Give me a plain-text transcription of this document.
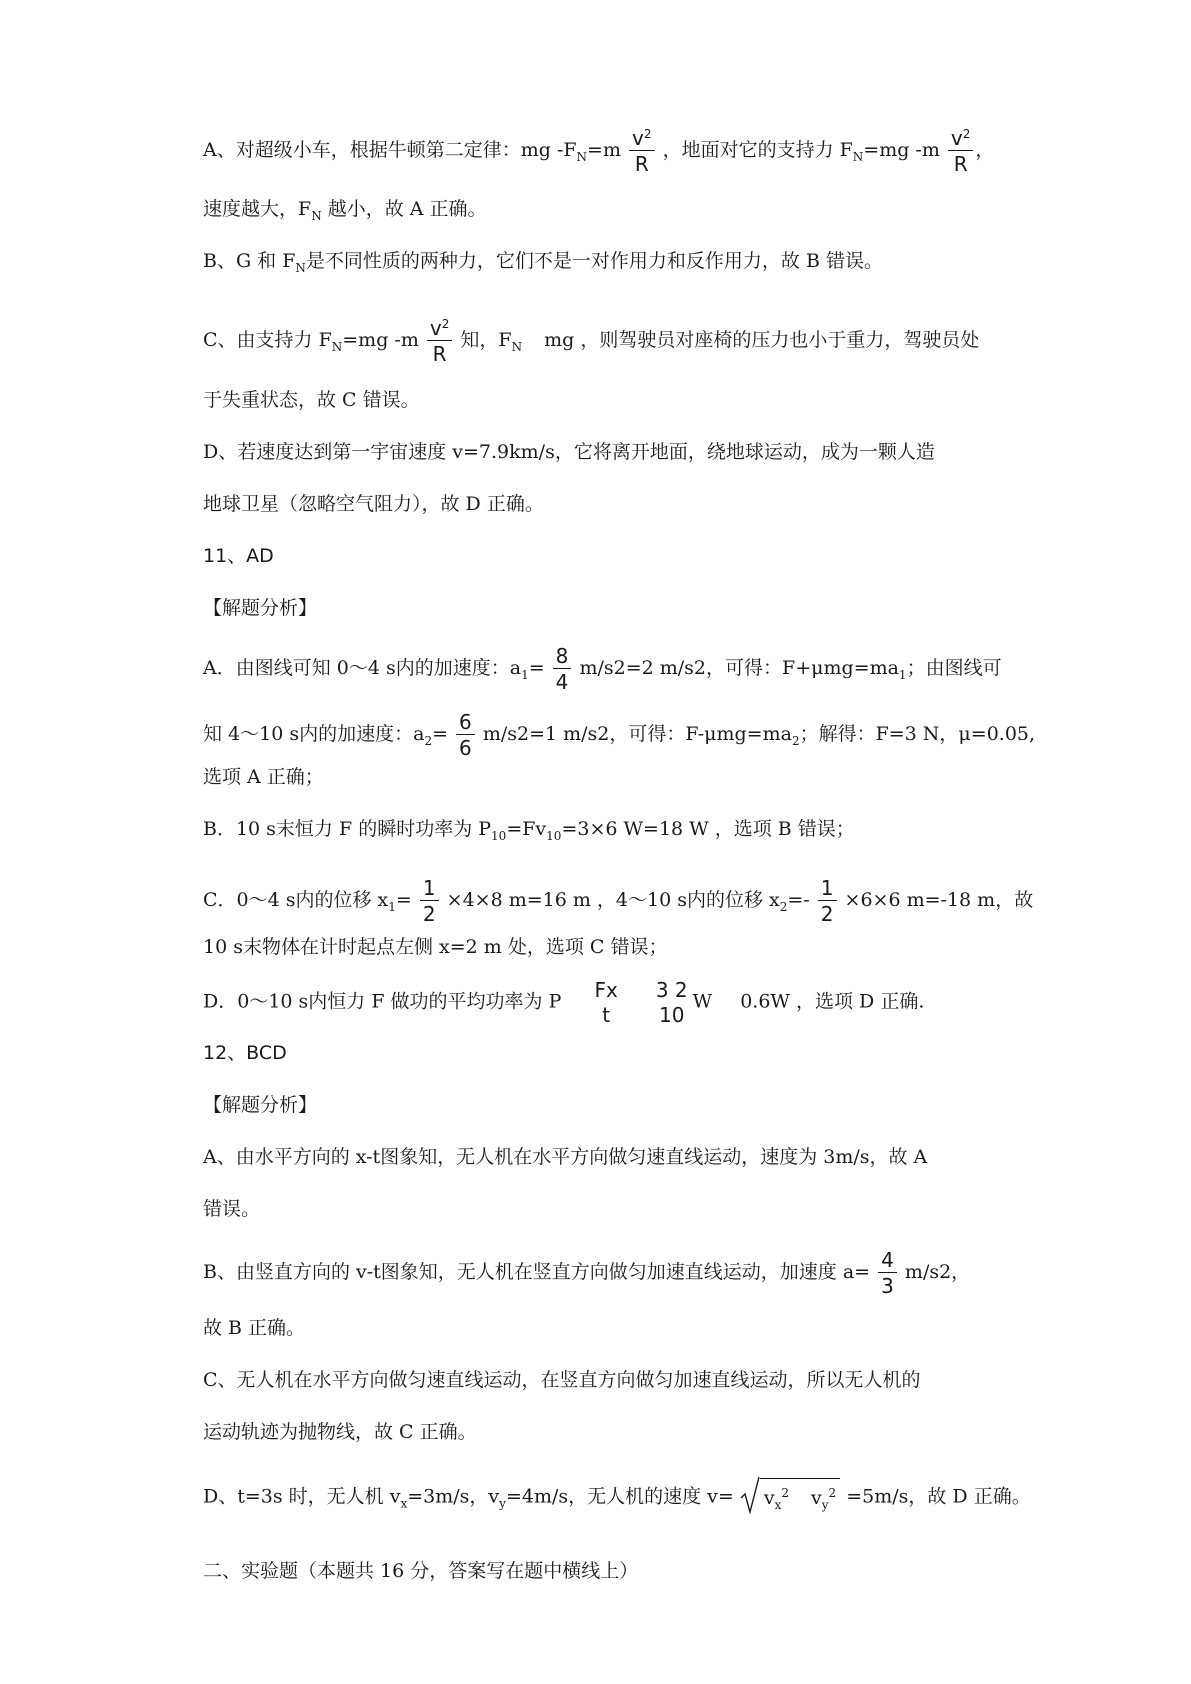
A、对超级小车，根据牛顿第二定律：mg $-F_N=m \frac{v^2}{R}$ ，地面对它的支持力 $F_N=mg$ $-m \frac{v^2}{R}$ ，
速度越大，$F_N$ 越小，故 A 正确。
B、G 和 $F_N$是不同性质的两种力，它们不是一对作用力和反作用力，故 B 错误。
C、由支持力 $F_N=mg$ $-m \frac{v^2}{R}$ 知，$F_N$ mg ，则驾驶员对座椅的压力也小于重力，驾驶员处
于失重状态，故 C 错误。
D、若速度达到第一宇宙速度 v=7.9km/s，它将离开地面，绕地球运动，成为一颗人造
地球卫星（忽略空气阻力），故 D 正确。
11、AD
【解题分析】
A．由图线可知 0～4 s内的加速度：$a_1= \frac{8}{4} m/s2=2$ m/s2，可得：$F+\mu mg=ma_1$；由图线可
知 4～10 s内的加速度：$a_2= \frac{6}{6} m/s2=1$ m/s2，可得：$F-\mu mg=ma_2$；解得：F=3 N，μ=0.05,
选项 A 正确；
B．10 s末恒力 F 的瞬时功率为 $P_{10}=Fv_{10}=3\times 6$ W=18 W ，选项 B 错误；
C．0～4 s内的位移 $x_1= \frac{1}{2} \times 4\times 8$ m=16 m ，4～10 s内的位移 $x_2=- \frac{1}{2} \times 6\times 6$ m=-18 m，故
10 s末物体在计时起点左侧 x=2 m 处，选项 C 错误；
D．0～10 s内恒力 F 做功的平均功率为 P Fx
t

3 2
10
W 0.6W ，选项 D 正确.
12、BCD
【解题分析】
A、由水平方向的 x-t图象知，无人机在水平方向做匀速直线运动，速度为 3m/s，故 A
错误。
B、由竖直方向的 v-t图象知，无人机在竖直方向做匀加速直线运动，加速度 $a= \frac{4}{3} m/s2$，
故 B 正确。
C、无人机在水平方向做匀速直线运动，在竖直方向做匀加速直线运动，所以无人机的
运动轨迹为抛物线，故 C 正确。
D、t=3s 时，无人机 $v_x=3m/s$，$v_y=4m/s$，无人机的速度 $v= v_x^2$ $v_y^2 =5m/s$，故 D 正确。
二、实验题（本题共 16 分，答案写在题中横线上）
